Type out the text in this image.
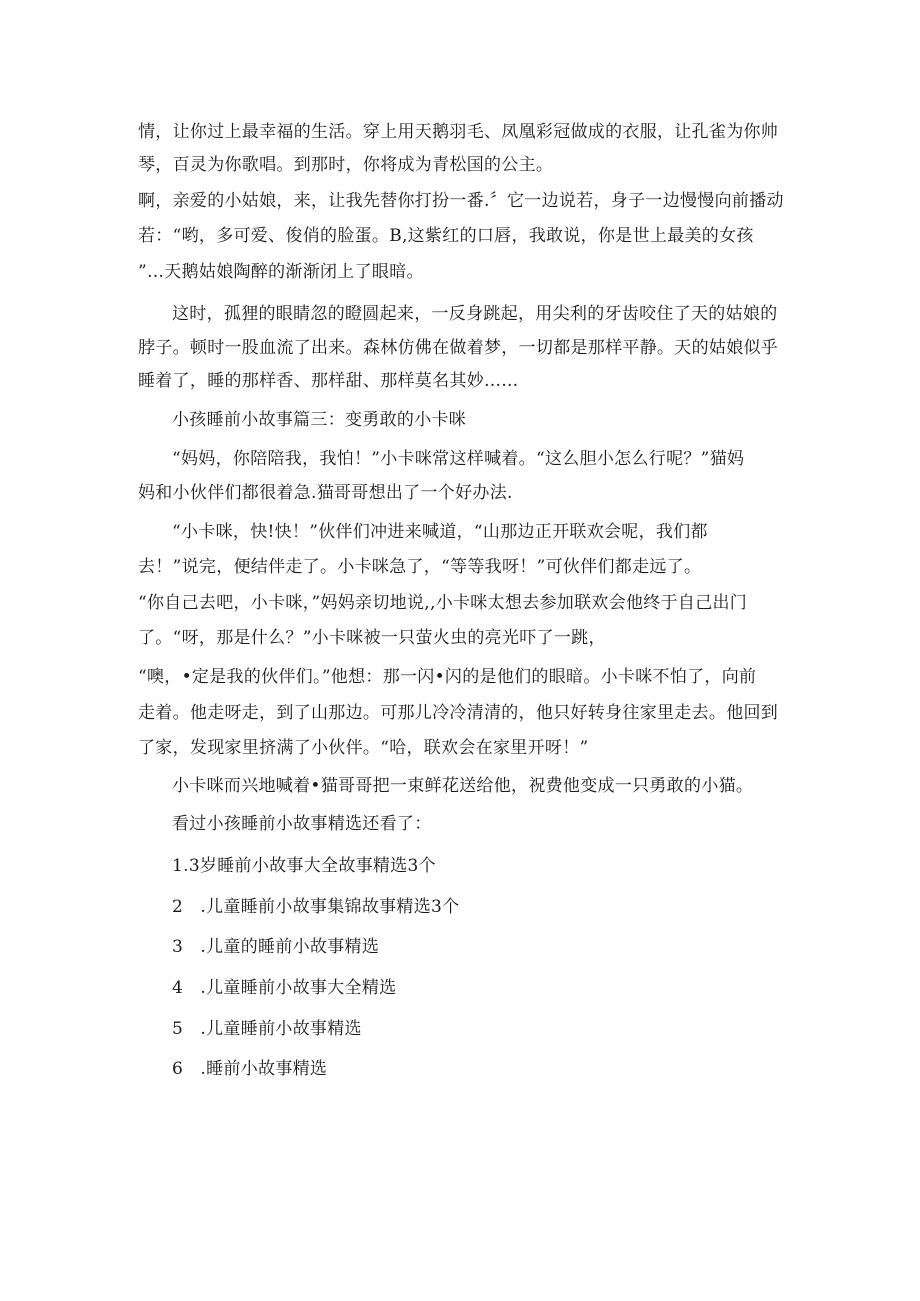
情，让你过上最幸福的生活。穿上用天鹅羽毛、凤凰彩冠做成的衣服，让孔雀为你帅

琴，百灵为你歌唱。到那时，你将成为青松国的公主。

啊，亲爱的小姑娘，来，让我先替你打扮一番.〞它一边说若，身子一边慢慢向前播动

若：“哟，多可爱、俊俏的脸蛋。B,这紫红的口唇，我敢说，你是世上最美的女孩

”…天鹅姑娘陶醉的渐渐闭上了眼暗。

这时，孤狸的眼睛忽的瞪圆起来，一反身跳起，用尖利的牙齿咬住了天的姑娘的

脖子。顿时一股血流了出来。森林仿佛在做着梦，一切都是那样平静。天的姑娘似乎

睡着了，睡的那样香、那样甜、那样莫名其妙……

小孩睡前小故事篇三：变勇敢的小卡咪

“妈妈，你陪陪我，我怕！”小卡咪常这样喊着。“这么胆小怎么行呢？”猫妈

妈和小伙伴们都很着急.猫哥哥想出了一个好办法.

“小卡咪，快!快！”伙伴们冲进来喊道，“山那边正开联欢会呢，我们都

去！”说完，便结伴走了。小卡咪急了，“等等我呀！”可伙伴们都走远了。

“你自己去吧，小卡咪，”妈妈亲切地说,,小卡咪太想去参加联欢会他终于自己出门

了。“呀，那是什么？”小卡咪被一只萤火虫的亮光吓了一跳，

“噢，•定是我的伙伴们。”他想：那一闪•闪的是他们的眼暗。小卡咪不怕了，向前

走着。他走呀走，到了山那边。可那儿冷冷清清的，他只好转身往家里走去。他回到

了家，发现家里挤满了小伙伴。“哈，联欢会在家里开呀！”

小卡咪而兴地喊着•猫哥哥把一束鲜花送给他，祝费他变成一只勇敢的小猫。

看过小孩睡前小故事精选还看了：

1.3岁睡前小故事大全故事精选3个

2　.儿童睡前小故事集锦故事精选3个

3　.儿童的睡前小故事精选

4　.儿童睡前小故事大全精选

5　.儿童睡前小故事精选

6　.睡前小故事精选
